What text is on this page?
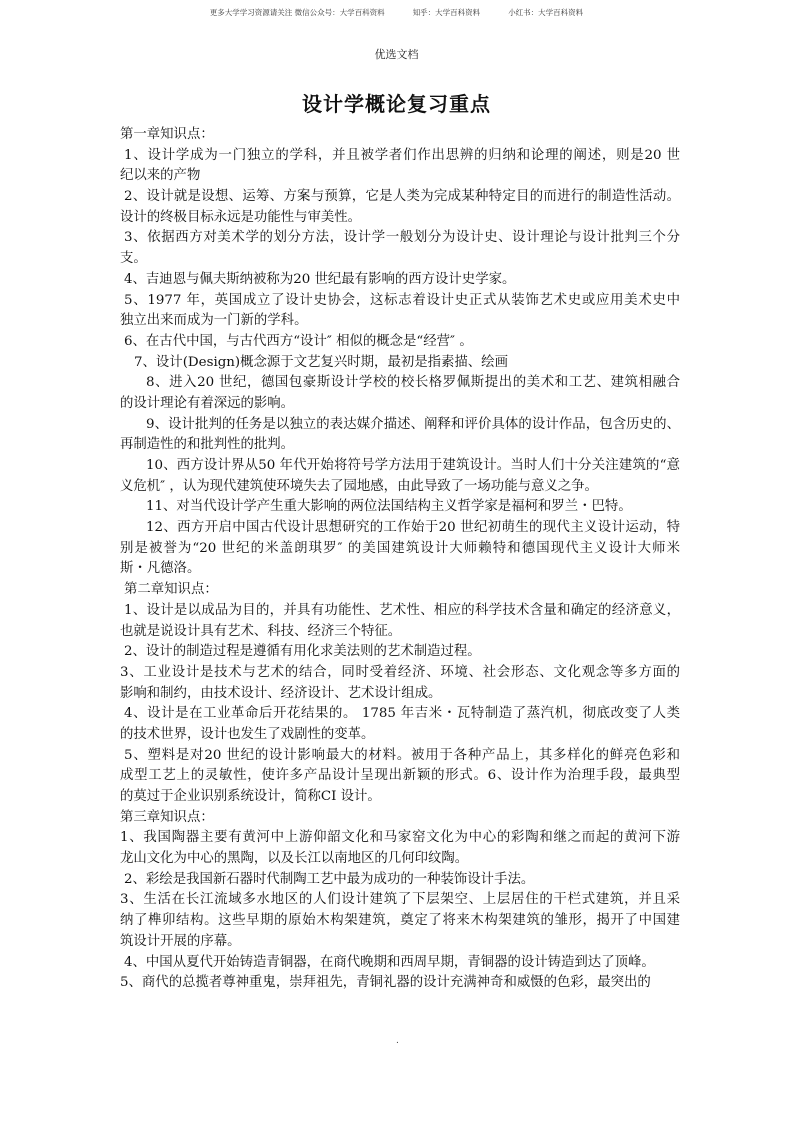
更多大学学习资源请关注 微信公众号：大学百科资料	知乎：大学百科资料	小红书：大学百科资料
优选文档
设计学概论复习重点
第一章知识点：
1、设计学成为一门独立的学科，并且被学者们作出思辨的归纳和论理的阐述，则是20 世
纪以来的产物
2、设计就是设想、运筹、方案与预算，它是人类为完成某种特定目的而进行的制造性活动。
设计的终极目标永远是功能性与审美性。
3、依据西方对美术学的划分方法，设计学一般划分为设计史、设计理论与设计批判三个分
支。
4、吉迪恩与佩夫斯纳被称为20 世纪最有影响的西方设计史学家。
5、1977 年，英国成立了设计史协会，这标志着设计史正式从装饰艺术史或应用美术史中
独立出来而成为一门新的学科。
6、在古代中国，与古代西方“设计″ 相似的概念是“经营″ 。
7、设计(Design)概念源于文艺复兴时期，最初是指素描、绘画
8、进入20 世纪，德国包豪斯设计学校的校长格罗佩斯提出的美术和工艺、建筑相融合
的设计理论有着深远的影响。
9、设计批判的任务是以独立的表达媒介描述、阐释和评价具体的设计作品，包含历史的、
再制造性的和批判性的批判。
10、西方设计界从50 年代开始将符号学方法用于建筑设计。当时人们十分关注建筑的“意
义危机″ ，认为现代建筑使环境失去了园地感，由此导致了一场功能与意义之争。
11、对当代设计学产生重大影响的两位法国结构主义哲学家是福柯和罗兰・巴特。
12、西方开启中国古代设计思想研究的工作始于20 世纪初萌生的现代主义设计运动，特
别是被誉为“20 世纪的米盖朗琪罗″ 的美国建筑设计大师赖特和德国现代主义设计大师米
斯・凡德洛。
第二章知识点：
1、设计是以成品为目的，并具有功能性、艺术性、相应的科学技术含量和确定的经济意义，
也就是说设计具有艺术、科技、经济三个特征。
2、设计的制造过程是遵循有用化求美法则的艺术制造过程。
3、工业设计是技术与艺术的结合，同时受着经济、环境、社会形态、文化观念等多方面的
影响和制约，由技术设计、经济设计、艺术设计组成。
4、设计是在工业革命后开花结果的。 1785 年吉米・瓦特制造了蒸汽机，彻底改变了人类
的技术世界，设计也发生了戏剧性的变革。
5、塑料是对20 世纪的设计影响最大的材料。被用于各种产品上，其多样化的鲜亮色彩和
成型工艺上的灵敏性，使许多产品设计呈现出新颖的形式。6、设计作为治理手段，最典型
的莫过于企业识别系统设计，简称CI 设计。
第三章知识点：
1、我国陶器主要有黄河中上游仰韶文化和马家窑文化为中心的彩陶和继之而起的黄河下游
龙山文化为中心的黑陶，以及长江以南地区的几何印纹陶。
2、彩绘是我国新石器时代制陶工艺中最为成功的一种装饰设计手法。
3、生活在长江流域多水地区的人们设计建筑了下层架空、上层居住的干栏式建筑，并且采
纳了榫卯结构。这些早期的原始木构架建筑，奠定了将来木构架建筑的雏形，揭开了中国建
筑设计开展的序幕。
4、中国从夏代开始铸造青铜器，在商代晚期和西周早期，青铜器的设计铸造到达了顶峰。
5、商代的总揽者尊神重鬼，崇拜祖先，青铜礼器的设计充满神奇和威慑的色彩，最突出的
.
